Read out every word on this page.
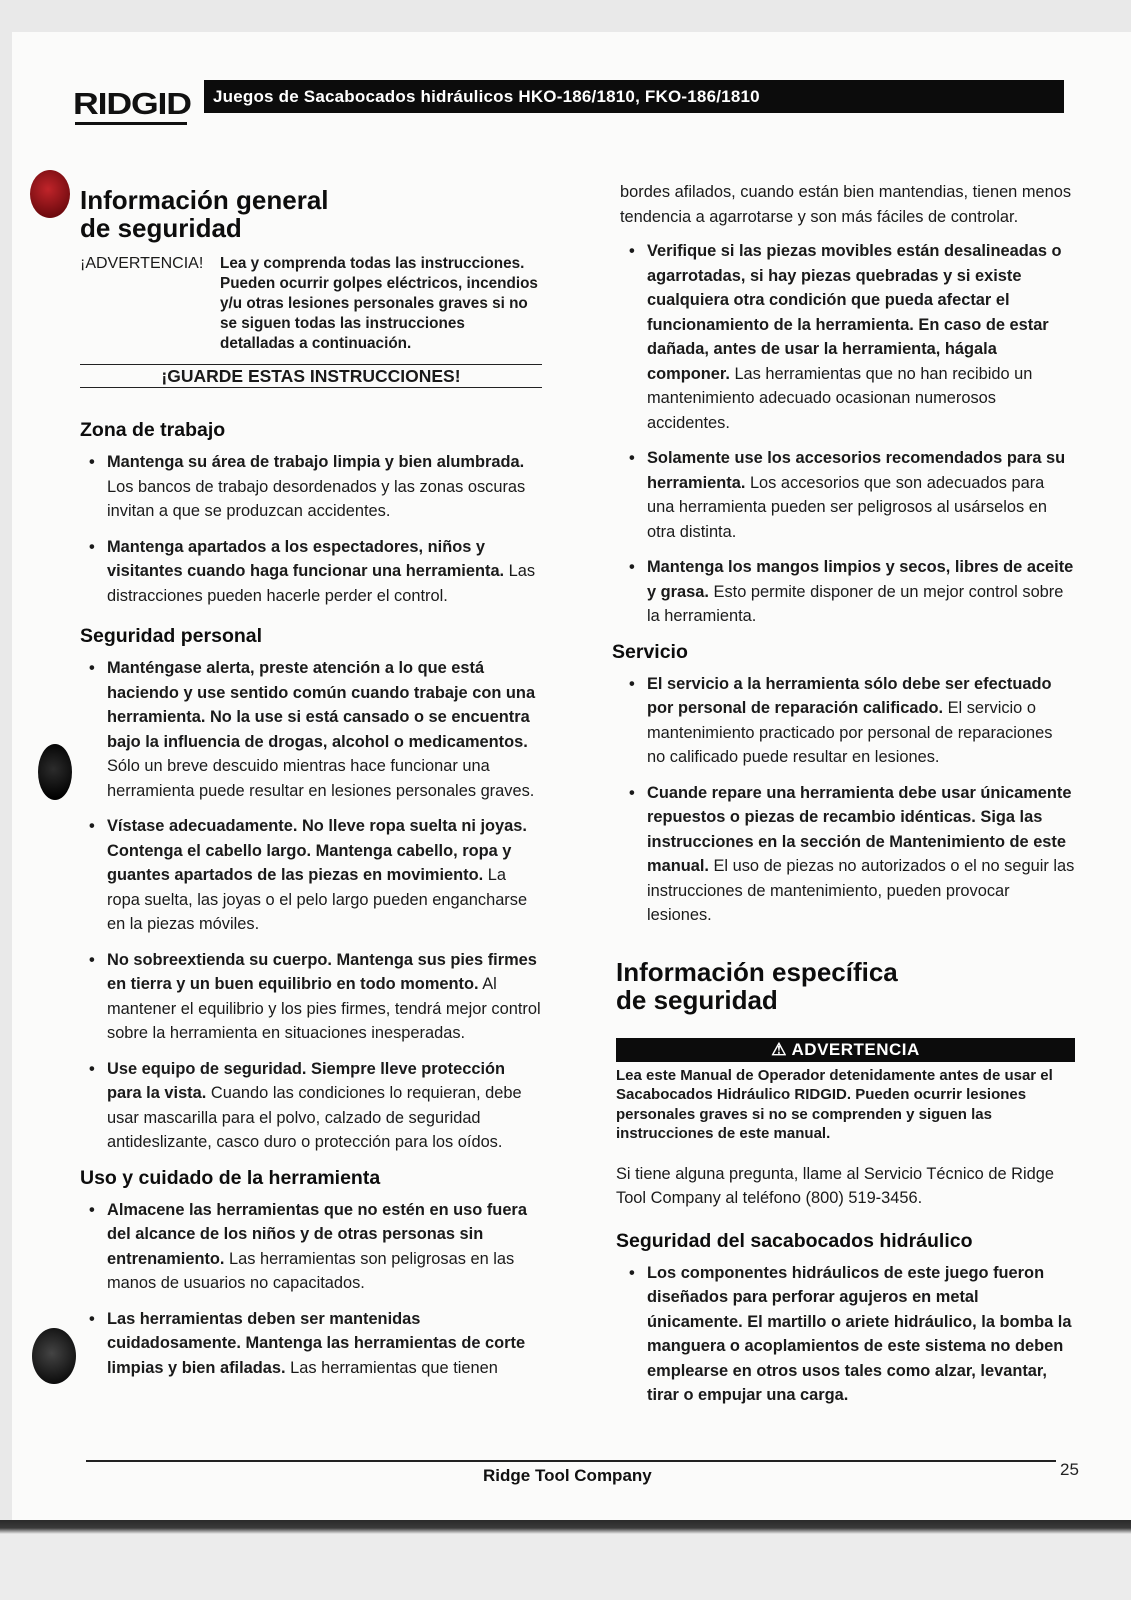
RIDGID	Juegos de Sacabocados hidráulicos HKO-186/1810, FKO-186/1810
Información general
de seguridad
¡ADVERTENCIA!	Lea y comprenda todas las instrucciones. Pueden ocurrir golpes eléctricos, incendios y/u otras lesiones personales graves si no se siguen todas las instrucciones detalladas a continuación.
¡GUARDE ESTAS INSTRUCCIONES!
Zona de trabajo
• Mantenga su área de trabajo limpia y bien alumbrada. Los bancos de trabajo desordenados y las zonas oscuras invitan a que se produzcan accidentes.
• Mantenga apartados a los espectadores, niños y visitantes cuando haga funcionar una herramienta. Las distracciones pueden hacerle perder el control.
Seguridad personal
• Manténgase alerta, preste atención a lo que está haciendo y use sentido común cuando trabaje con una herramienta. No la use si está cansado o se encuentra bajo la influencia de drogas, alcohol o medicamentos. Sólo un breve descuido mientras hace funcionar una herramienta puede resultar en lesiones personales graves.
• Vístase adecuadamente. No lleve ropa suelta ni joyas. Contenga el cabello largo. Mantenga cabello, ropa y guantes apartados de las piezas en movimiento. La ropa suelta, las joyas o el pelo largo pueden engancharse en la piezas móviles.
• No sobreextienda su cuerpo. Mantenga sus pies firmes en tierra y un buen equilibrio en todo momento. Al mantener el equilibrio y los pies firmes, tendrá mejor control sobre la herramienta en situaciones inesperadas.
• Use equipo de seguridad. Siempre lleve protección para la vista. Cuando las condiciones lo requieran, debe usar mascarilla para el polvo, calzado de seguridad antideslizante, casco duro o protección para los oídos.
Uso y cuidado de la herramienta
• Almacene las herramientas que no estén en uso fuera del alcance de los niños y de otras personas sin entrenamiento. Las herramientas son peligrosas en las manos de usuarios no capacitados.
• Las herramientas deben ser mantenidas cuidadosamente. Mantenga las herramientas de corte limpias y bien afiladas. Las herramientas que tienen

bordes afilados, cuando están bien mantendias, tienen menos tendencia a agarrotarse y son más fáciles de controlar.

• Verifique si las piezas movibles están desalineadas o agarrotadas, si hay piezas quebradas y si existe cualquiera otra condición que pueda afectar el funcionamiento de la herramienta. En caso de estar dañada, antes de usar la herramienta, hágala componer. Las herramientas que no han recibido un mantenimiento adecuado ocasionan numerosos accidentes.
• Solamente use los accesorios recomendados para su herramienta. Los accesorios que son adecuados para una herramienta pueden ser peligrosos al usárselos en otra distinta.
• Mantenga los mangos limpios y secos, libres de aceite y grasa. Esto permite disponer de un mejor control sobre la herramienta.
Servicio
• El servicio a la herramienta sólo debe ser efectuado por personal de reparación calificado. El servicio o mantenimiento practicado por personal de reparaciones no calificado puede resultar en lesiones.
• Cuande repare una herramienta debe usar únicamente repuestos o piezas de recambio idénticas. Siga las instrucciones en la sección de Mantenimiento de este manual. El uso de piezas no autorizados o el no seguir las instrucciones de mantenimiento, pueden provocar lesiones.
Información específica
de seguridad
⚠ ADVERTENCIA
Lea este Manual de Operador detenidamente antes de usar el Sacabocados Hidráulico RIDGID. Pueden ocurrir lesiones personales graves si no se comprenden y siguen las instrucciones de este manual.

Si tiene alguna pregunta, llame al Servicio Técnico de Ridge Tool Company al teléfono (800) 519-3456.

Seguridad del sacabocados hidráulico
• Los componentes hidráulicos de este juego fueron diseñados para perforar agujeros en metal únicamente. El martillo o ariete hidráulico, la bomba la manguera o acoplamientos de este sistema no deben emplearse en otros usos tales como alzar, levantar, tirar o empujar una carga.
Ridge Tool Company	25
